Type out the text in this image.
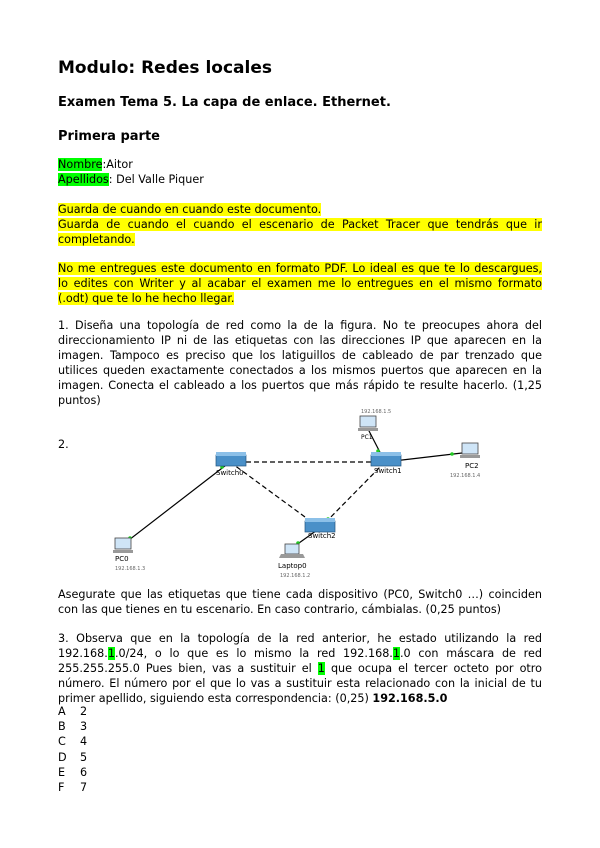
Modulo: Redes locales
Examen Tema 5. La capa de enlace. Ethernet.
Primera parte
Nombre:Aitor
Apellidos: Del Valle Piquer
Guarda de cuando en cuando este documento.
Guarda de cuando el cuando el escenario de Packet Tracer que tendrás que ir completando.
No me entregues este documento en formato PDF. Lo ideal es que te lo descargues, lo edites con Writer y al acabar el examen me lo entregues en el mismo formato (.odt) que te lo he hecho llegar.
1. Diseña una topología de red como la de la figura. No te preocupes ahora del direccionamiento IP ni de las etiquetas con las direcciones IP que aparecen en la imagen. Tampoco es preciso que los latiguillos de cableado de par trenzado que utilices queden exactamente conectados a los mismos puertos que aparecen en la imagen. Conecta el cableado a los puertos que más rápido te resulte hacerlo. (1,25 puntos)
2.
Switch0	Switch1
Switch2
PC0
192.168.1.3
192.168.1.5
PC1
PC2
192.168.1.4
Laptop0
192.168.1.2
Asegurate que las etiquetas que tiene cada dispositivo (PC0, Switch0 …) coinciden con las que tienes en tu escenario. En caso contrario, cámbialas. (0,25 puntos)
3. Observa que en la topología de la red anterior, he estado utilizando la red 192.168.1.0/24, o lo que es lo mismo la red 192.168.1.0 con máscara de red 255.255.255.0 Pues bien, vas a sustituir el 1 que ocupa el tercer octeto por otro número. El número por el que lo vas a sustituir esta relacionado con la inicial de tu primer apellido, siguiendo esta correspondencia: (0,25) 192.168.5.0
A 2
B 3
C 4
D 5
E 6
F 7
